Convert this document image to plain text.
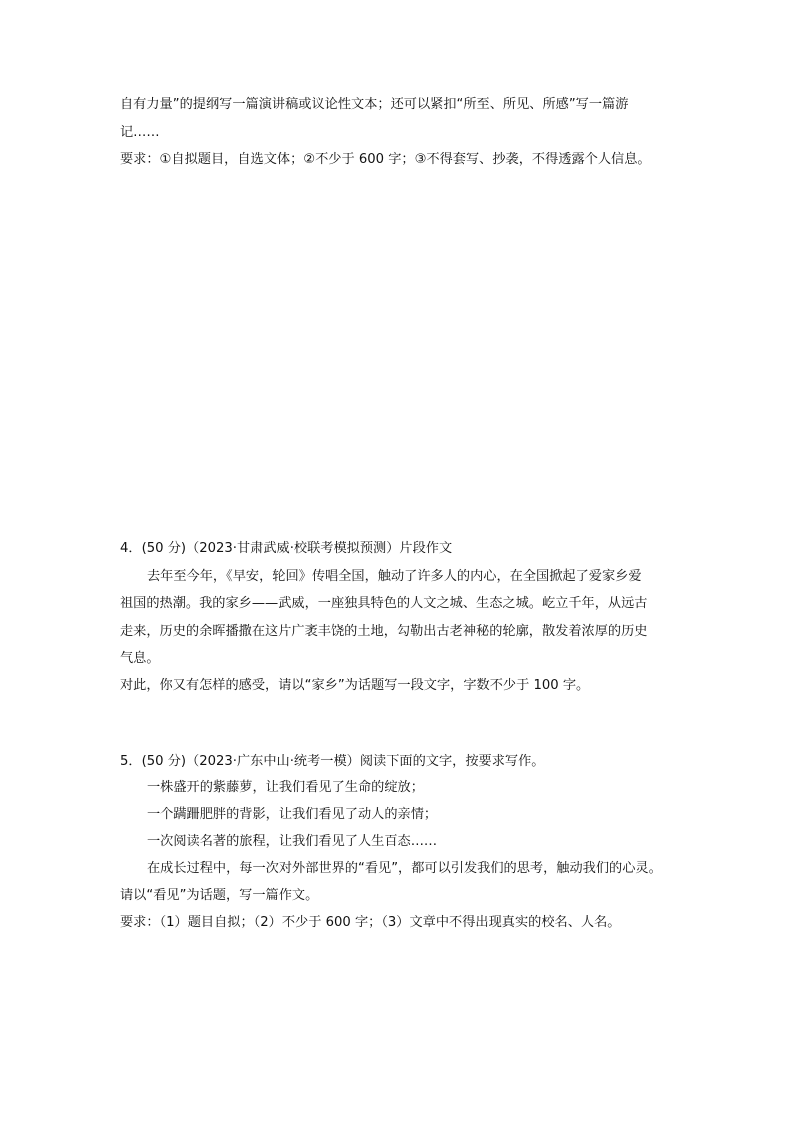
自有力量”的提纲写一篇演讲稿或议论性文本；还可以紧扣“所至、所见、所感”写一篇游
记……
要求：①自拟题目，自选文体；②不少于 600 字；③不得套写、抄袭，不得透露个人信息。
4．(50 分)（2023·甘肃武威·校联考模拟预测）片段作文
去年至今年，《早安，轮回》传唱全国，触动了许多人的内心，在全国掀起了爱家乡爱
祖国的热潮。我的家乡——武威，一座独具特色的人文之城、生态之城。屹立千年，从远古
走来，历史的余晖播撒在这片广袤丰饶的土地，勾勒出古老神秘的轮廓，散发着浓厚的历史
气息。
对此，你又有怎样的感受，请以“家乡”为话题写一段文字，字数不少于 100 字。
5．(50 分)（2023·广东中山·统考一模）阅读下面的文字，按要求写作。
一株盛开的紫藤萝，让我们看见了生命的绽放；
一个蹒跚肥胖的背影，让我们看见了动人的亲情；
一次阅读名著的旅程，让我们看见了人生百态……
在成长过程中，每一次对外部世界的“看见”，都可以引发我们的思考，触动我们的心灵。
请以“看见”为话题，写一篇作文。
要求：（1）题目自拟；（2）不少于 600 字；（3）文章中不得出现真实的校名、人名。
